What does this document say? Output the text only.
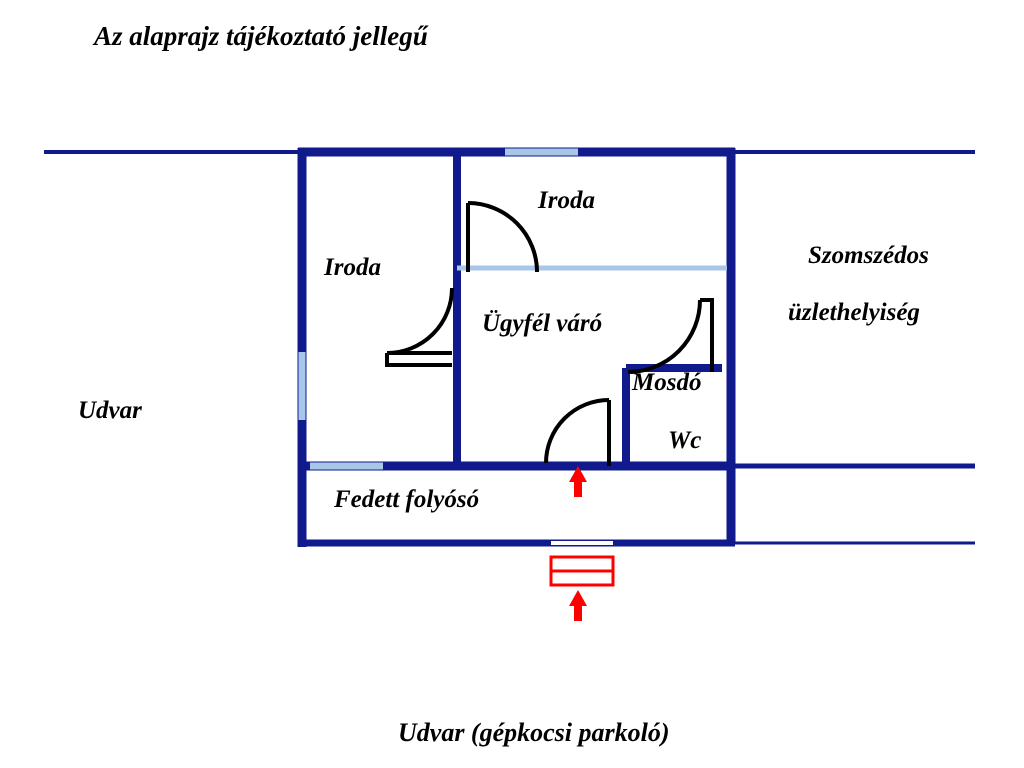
Az alaprajz tájékoztató jellegű
Iroda
Iroda
Ügyfél váró
Mosdó
Wc
Fedett folyósó
Udvar
Szomszédos
üzlethelyiség
Udvar (gépkocsi parkoló)
